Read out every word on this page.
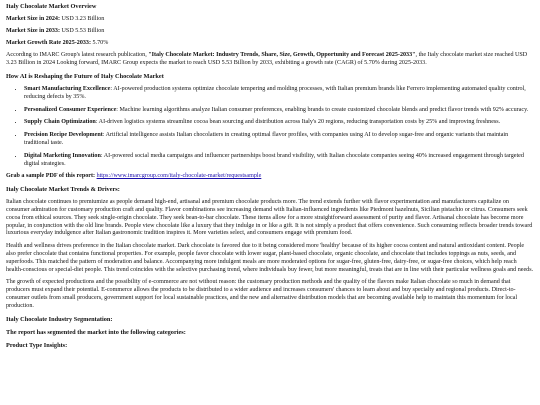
Italy Chocolate Market Overview

Market Size in 2024: USD 3.23 Billion

Market Size in 2033: USD 5.53 Billion

Market Growth Rate 2025-2033: 5.70%

According to IMARC Group's latest research publication, "Italy Chocolate Market: Industry Trends, Share, Size, Growth, Opportunity and Forecast 2025-2033", the Italy chocolate market size reached USD 3.23 Billion in 2024 Looking forward, IMARC Group expects the market to reach USD 5.53 Billion by 2033, exhibiting a growth rate (CAGR) of 5.70% during 2025-2033.

How AI is Reshaping the Future of Italy Chocolate Market
• Smart Manufacturing Excellence: AI-powered production systems optimize chocolate tempering and molding processes, with Italian premium brands like Ferrero implementing automated quality control, reducing defects by 35%.
• Personalized Consumer Experience: Machine learning algorithms analyze Italian consumer preferences, enabling brands to create customized chocolate blends and predict flavor trends with 92% accuracy.
• Supply Chain Optimization: AI-driven logistics systems streamline cocoa bean sourcing and distribution across Italy's 20 regions, reducing transportation costs by 25% and improving freshness.
• Precision Recipe Development: Artificial intelligence assists Italian chocolatiers in creating optimal flavor profiles, with companies using AI to develop sugar-free and organic variants that maintain traditional taste.
• Digital Marketing Innovation: AI-powered social media campaigns and influencer partnerships boost brand visibility, with Italian chocolate companies seeing 40% increased engagement through targeted digital strategies.

Grab a sample PDF of this report: https://www.imarcgroup.com/italy-chocolate-market/requestsample

Italy Chocolate Market Trends & Drivers:

Italian chocolate continues to premiumize as people demand high-end, artisanal and premium chocolate products more. The trend extends further with flavor experimentation and manufacturers capitalize on consumer admiration for customary production craft and quality. Flavor combinations see increasing demand with Italian-influenced ingredients like Piedmont hazelnuts, Sicilian pistachio or citrus. Consumers seek cocoa from ethical sources. They seek single-origin chocolate. They seek bean-to-bar chocolate. These items allow for a more straightforward assessment of purity and flavor. Artisanal chocolate has become more popular, in conjunction with the old line brands. People view chocolate like a luxury that they indulge in or like a gift. It is not simply a product that offers convenience. Such consuming reflects broader trends toward luxurious everyday indulgence after Italian gastronomic tradition inspires it. More varieties select, and consumers engage with premium food.

Health and wellness drives preference in the Italian chocolate market. Dark chocolate is favored due to it being considered more 'healthy' because of its higher cocoa content and natural antioxidant content. People also prefer chocolate that contains functional properties. For example, people favor chocolate with lower sugar, plant-based chocolate, organic chocolate, and chocolate that includes toppings as nuts, seeds, and superfoods. This matched the pattern of moderation and balance. Accompanying more indulgent meals are more moderated options for sugar-free, gluten-free, dairy-free, or sugar-free choices, which help reach health-conscious or special-diet people. This trend coincides with the selective purchasing trend, where individuals buy fewer, but more meaningful, treats that are in line with their particular wellness goals and needs.

The growth of expected productions and the possibility of e-commerce are not without reason: the customary production methods and the quality of the flavors make Italian chocolate so much in demand that producers must expand their potential. E-commerce allows the products to be distributed to a wider audience and increases consumers' chances to learn about and buy specialty and regional products. Direct-to-consumer outlets from small producers, government support for local sustainable practices, and the new and alternative distribution models that are becoming available help to maintain this momentum for local production.

Italy Chocolate Industry Segmentation:
The report has segmented the market into the following categories:
Product Type Insights:
